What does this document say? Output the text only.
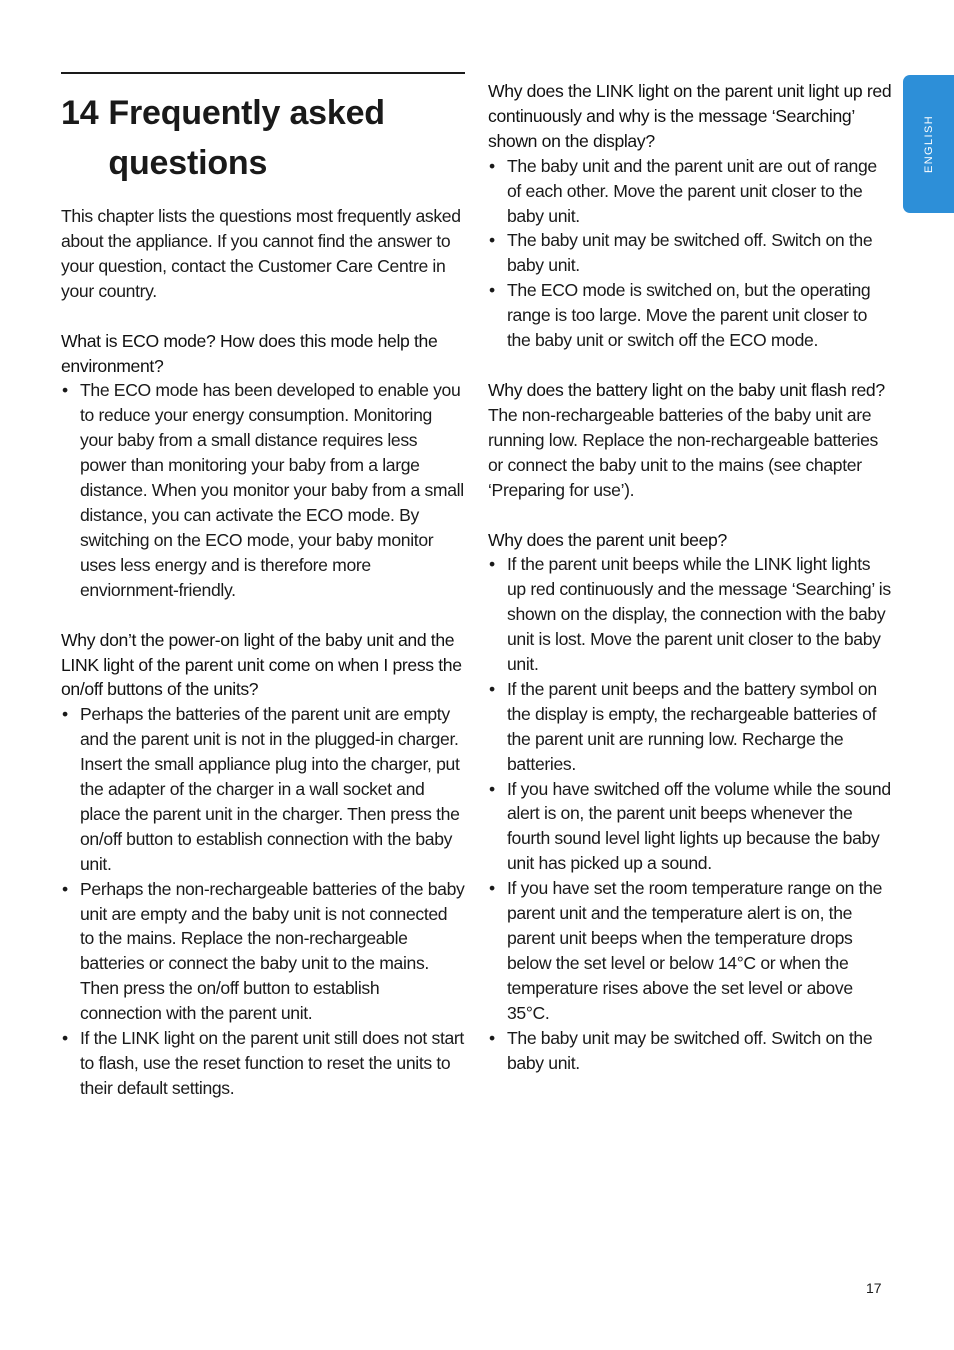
14 Frequently asked questions

This chapter lists the questions most frequently asked about the appliance. If you cannot find the answer to your question, contact the Customer Care Centre in your country.

What is ECO mode? How does this mode help the environment?

• The ECO mode has been developed to enable you to reduce your energy consumption. Monitoring your baby from a small distance requires less power than monitoring your baby from a large distance. When you monitor your baby from a small distance, you can activate the ECO mode. By switching on the ECO mode, your baby monitor uses less energy and is therefore more enviornment-friendly.

Why don’t the power-on light of the baby unit and the LINK light of the parent unit come on when I press the on/off buttons of the units?

• Perhaps the batteries of the parent unit are empty and the parent unit is not in the plugged-in charger. Insert the small appliance plug into the charger, put the adapter of the charger in a wall socket and place the parent unit in the charger. Then press the on/off button to establish connection with the baby unit.
• Perhaps the non-rechargeable batteries of the baby unit are empty and the baby unit is not connected to the mains. Replace the non-rechargeable batteries or connect the baby unit to the mains. Then press the on/off button to establish connection with the parent unit.
• If the LINK light on the parent unit still does not start to flash, use the reset function to reset the units to their default settings.

Why does the LINK light on the parent unit light up red continuously and why is the message ‘Searching’ shown on the display?

• The baby unit and the parent unit are out of range of each other. Move the parent unit closer to the baby unit.
• The baby unit may be switched off. Switch on the baby unit.
• The ECO mode is switched on, but the operating range is too large. Move the parent unit closer to the baby unit or switch off the ECO mode.

Why does the battery light on the baby unit flash red?

The non-rechargeable batteries of the baby unit are running low. Replace the non-rechargeable batteries or connect the baby unit to the mains (see chapter ‘Preparing for use’).

Why does the parent unit beep?

• If the parent unit beeps while the LINK light lights up red continuously and the message ‘Searching’ is shown on the display, the connection with the baby unit is lost. Move the parent unit closer to the baby unit.
• If the parent unit beeps and the battery symbol on the display is empty, the rechargeable batteries of the parent unit are running low. Recharge the batteries.
• If you have switched off the volume while the sound alert is on, the parent unit beeps whenever the fourth sound level light lights up because the baby unit has picked up a sound.
• If you have set the room temperature range on the parent unit and the temperature alert is on, the parent unit beeps when the temperature drops below the set level or below 14°C or when the temperature rises above the set level or above 35°C.
• The baby unit may be switched off. Switch on the baby unit.
ENGLISH
17
